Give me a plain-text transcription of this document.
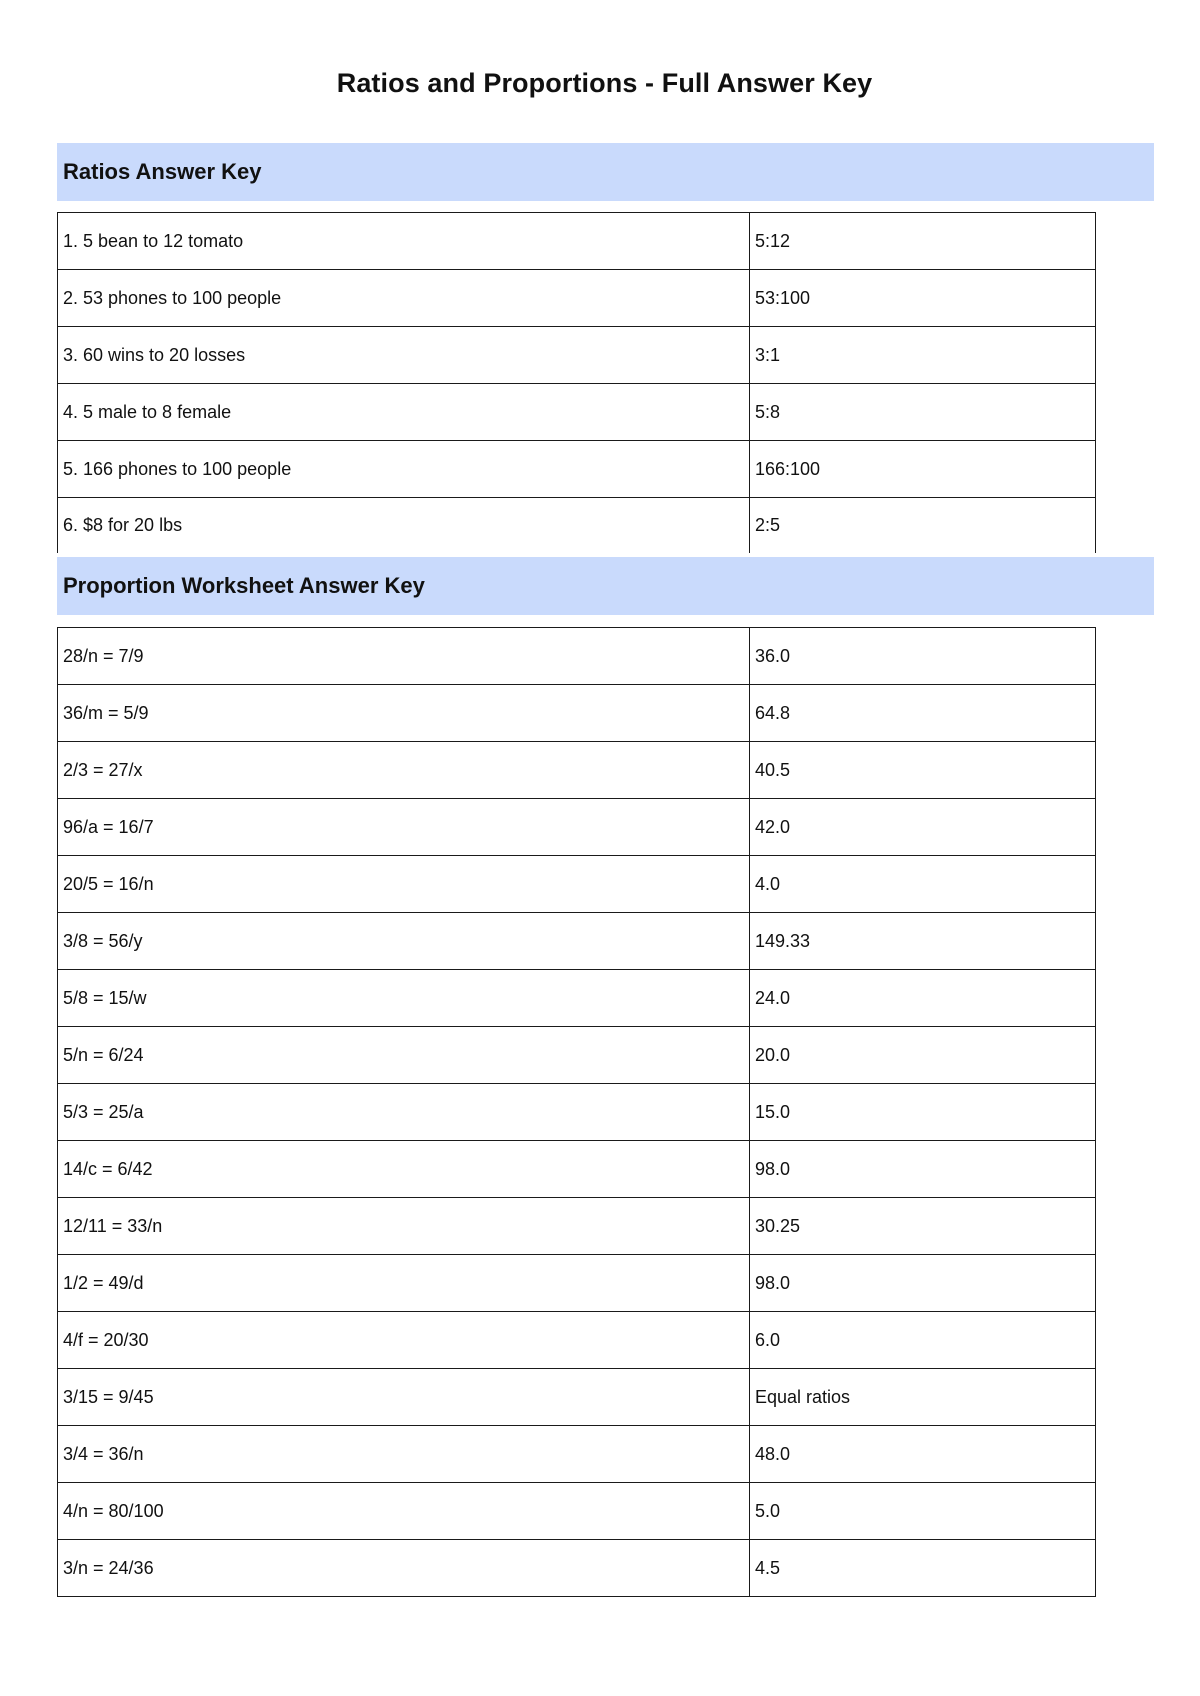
Ratios and Proportions - Full Answer Key
Ratios Answer Key
1. 5 bean to 12 tomato	5:12
2. 53 phones to 100 people	53:100
3. 60 wins to 20 losses	3:1
4. 5 male to 8 female	5:8
5. 166 phones to 100 people	166:100
6. $8 for 20 lbs	2:5
Proportion Worksheet Answer Key
28/n = 7/9	36.0
36/m = 5/9	64.8
2/3 = 27/x	40.5
96/a = 16/7	42.0
20/5 = 16/n	4.0
3/8 = 56/y	149.33
5/8 = 15/w	24.0
5/n = 6/24	20.0
5/3 = 25/a	15.0
14/c = 6/42	98.0
12/11 = 33/n	30.25
1/2 = 49/d	98.0
4/f = 20/30	6.0
3/15 = 9/45	Equal ratios
3/4 = 36/n	48.0
4/n = 80/100	5.0
3/n = 24/36	4.5
